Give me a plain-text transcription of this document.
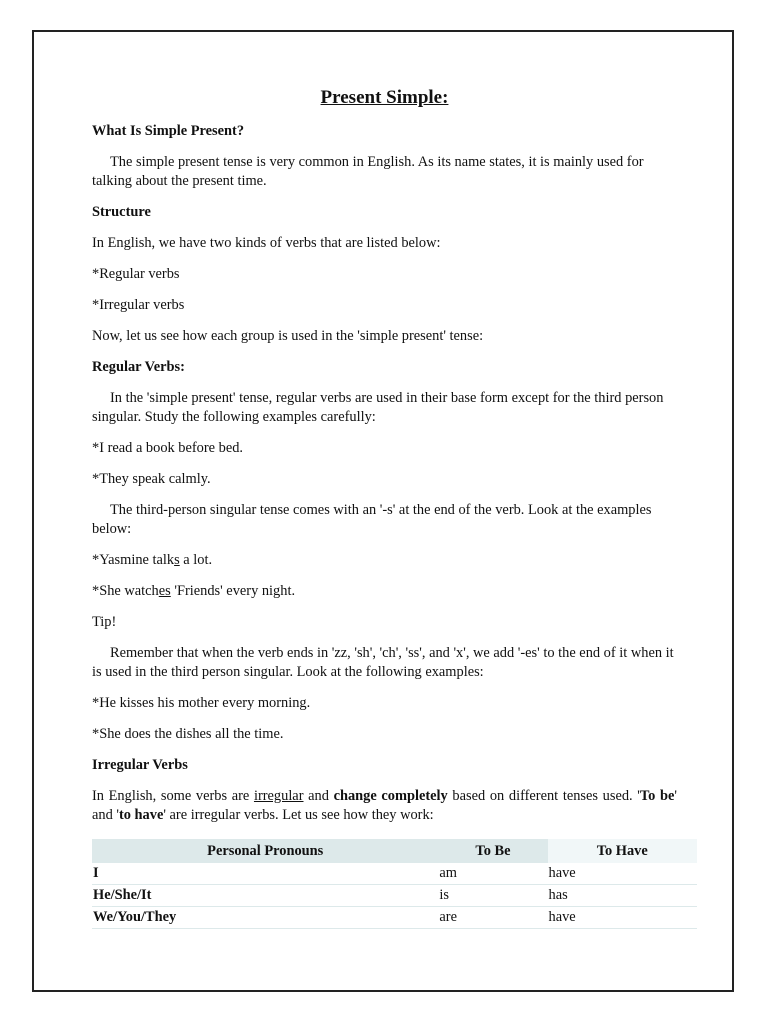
Present Simple:
What Is Simple Present?
The simple present tense is very common in English. As its name states, it is mainly used for talking about the present time.
Structure
In English, we have two kinds of verbs that are listed below:
*Regular verbs
*Irregular verbs
Now, let us see how each group is used in the 'simple present' tense:
Regular Verbs:
In the 'simple present' tense, regular verbs are used in their base form except for the third person singular. Study the following examples carefully:
*I read a book before bed.
*They speak calmly.
The third-person singular tense comes with an '-s' at the end of the verb. Look at the examples below:
*Yasmine talks a lot.
*She watches 'Friends' every night.
Tip!
Remember that when the verb ends in 'zz, 'sh', 'ch', 'ss', and 'x', we add '-es' to the end of it when it is used in the third person singular. Look at the following examples:
*He kisses his mother every morning.
*She does the dishes all the time.
Irregular Verbs
In English, some verbs are irregular and change completely based on different tenses used. 'To be' and 'to have' are irregular verbs. Let us see how they work:
Personal Pronouns	To Be	To Have
I	am	have
He/She/It	is	has
We/You/They	are	have
